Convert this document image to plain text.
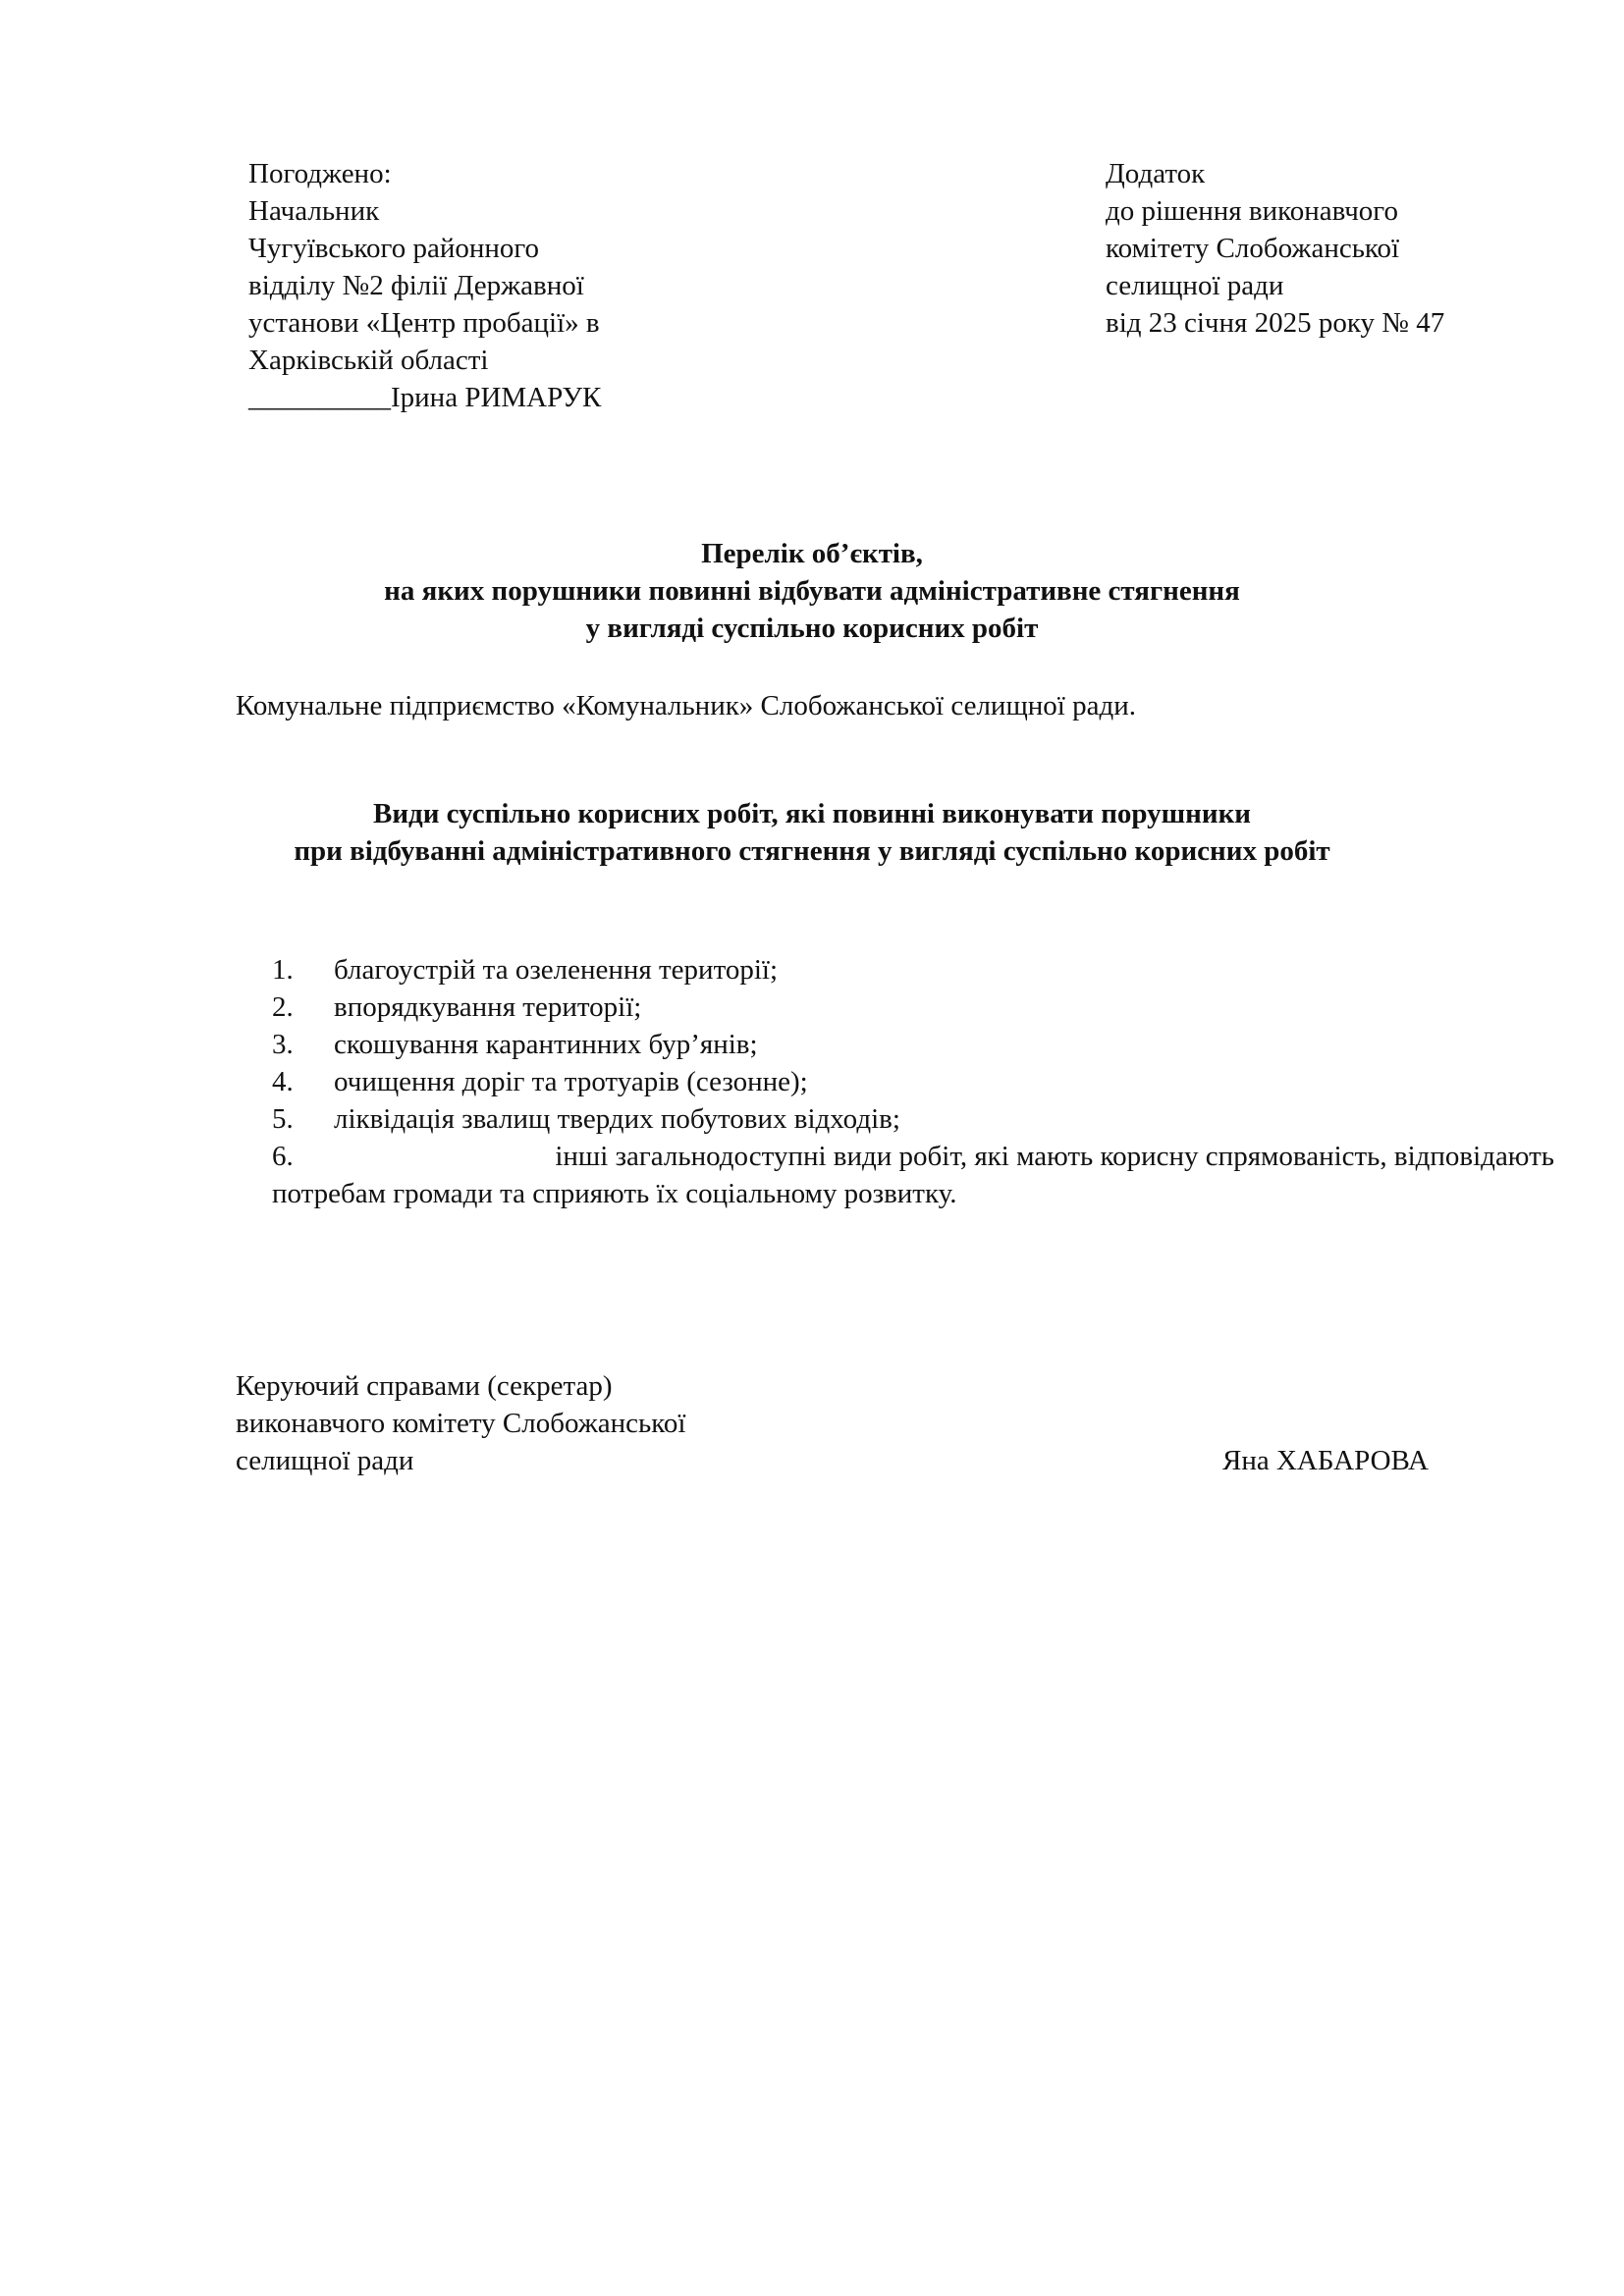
Погоджено:
Начальник
Чугуївського районного
відділу №2 філії Державної
установи «Центр пробації» в
Харківській області
__________Ірина РИМАРУК
Додаток
до рішення виконавчого
комітету Слобожанської
селищної ради
від 23 січня 2025 року № 47
Перелік об’єктів,
на яких порушники повинні відбувати адміністративне стягнення
у вигляді суспільно корисних робіт
Комунальне підприємство «Комунальник» Слобожанської селищної ради.
Види суспільно корисних робіт, які повинні виконувати порушники
при відбуванні адміністративного стягнення у вигляді суспільно корисних робіт
1. благоустрій та озеленення території;
2. впорядкування території;
3. скошування карантинних бур’янів;
4. очищення доріг та тротуарів (сезонне);
5. ліквідація звалищ твердих побутових відходів;
6.	інші загальнодоступні види робіт, які мають корисну спрямованість, відповідають
потребам громади та сприяють їх соціальному розвитку.
Керуючий справами (секретар)
виконавчого комітету Слобожанської
селищної ради	Яна ХАБАРОВА
